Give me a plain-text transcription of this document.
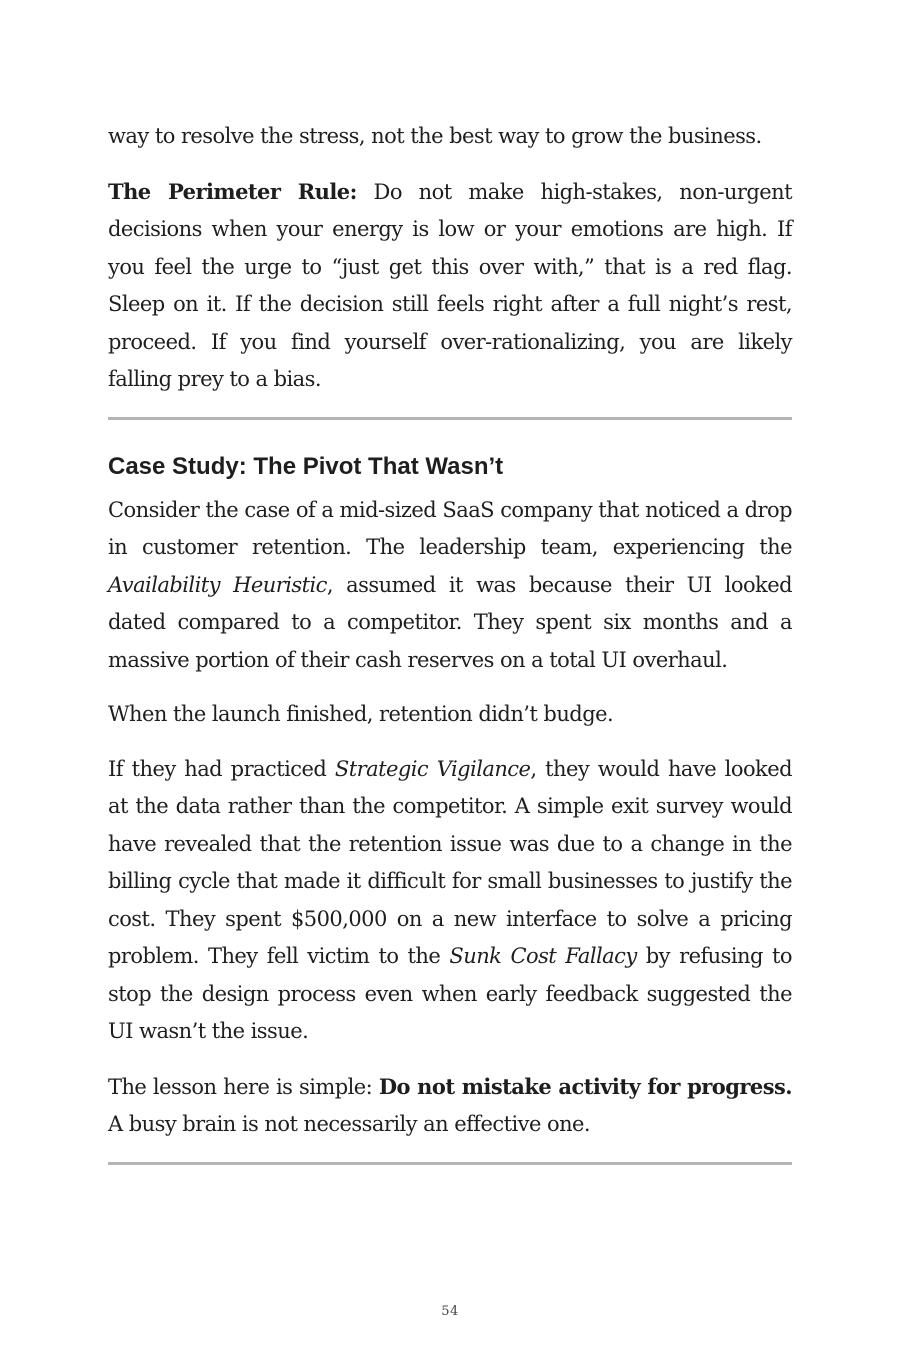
way to resolve the stress, not the best way to grow the business.

The Perimeter Rule: Do not make high-stakes, non-urgent decisions when your energy is low or your emotions are high. If you feel the urge to “just get this over with,” that is a red flag. Sleep on it. If the decision still feels right after a full night’s rest, proceed. If you find yourself over-rationalizing, you are likely falling prey to a bias.

Case Study: The Pivot That Wasn’t

Consider the case of a mid-sized SaaS company that noticed a drop in customer retention. The leadership team, experiencing the Availability Heuristic, assumed it was because their UI looked dated compared to a competitor. They spent six months and a massive portion of their cash reserves on a total UI overhaul.

When the launch finished, retention didn’t budge.

If they had practiced Strategic Vigilance, they would have looked at the data rather than the competitor. A simple exit survey would have revealed that the retention issue was due to a change in the billing cycle that made it difficult for small businesses to justify the cost. They spent $500,000 on a new interface to solve a pricing problem. They fell victim to the Sunk Cost Fallacy by refusing to stop the design process even when early feedback suggested the UI wasn’t the issue.

The lesson here is simple: Do not mistake activity for progress. A busy brain is not necessarily an effective one.

54
